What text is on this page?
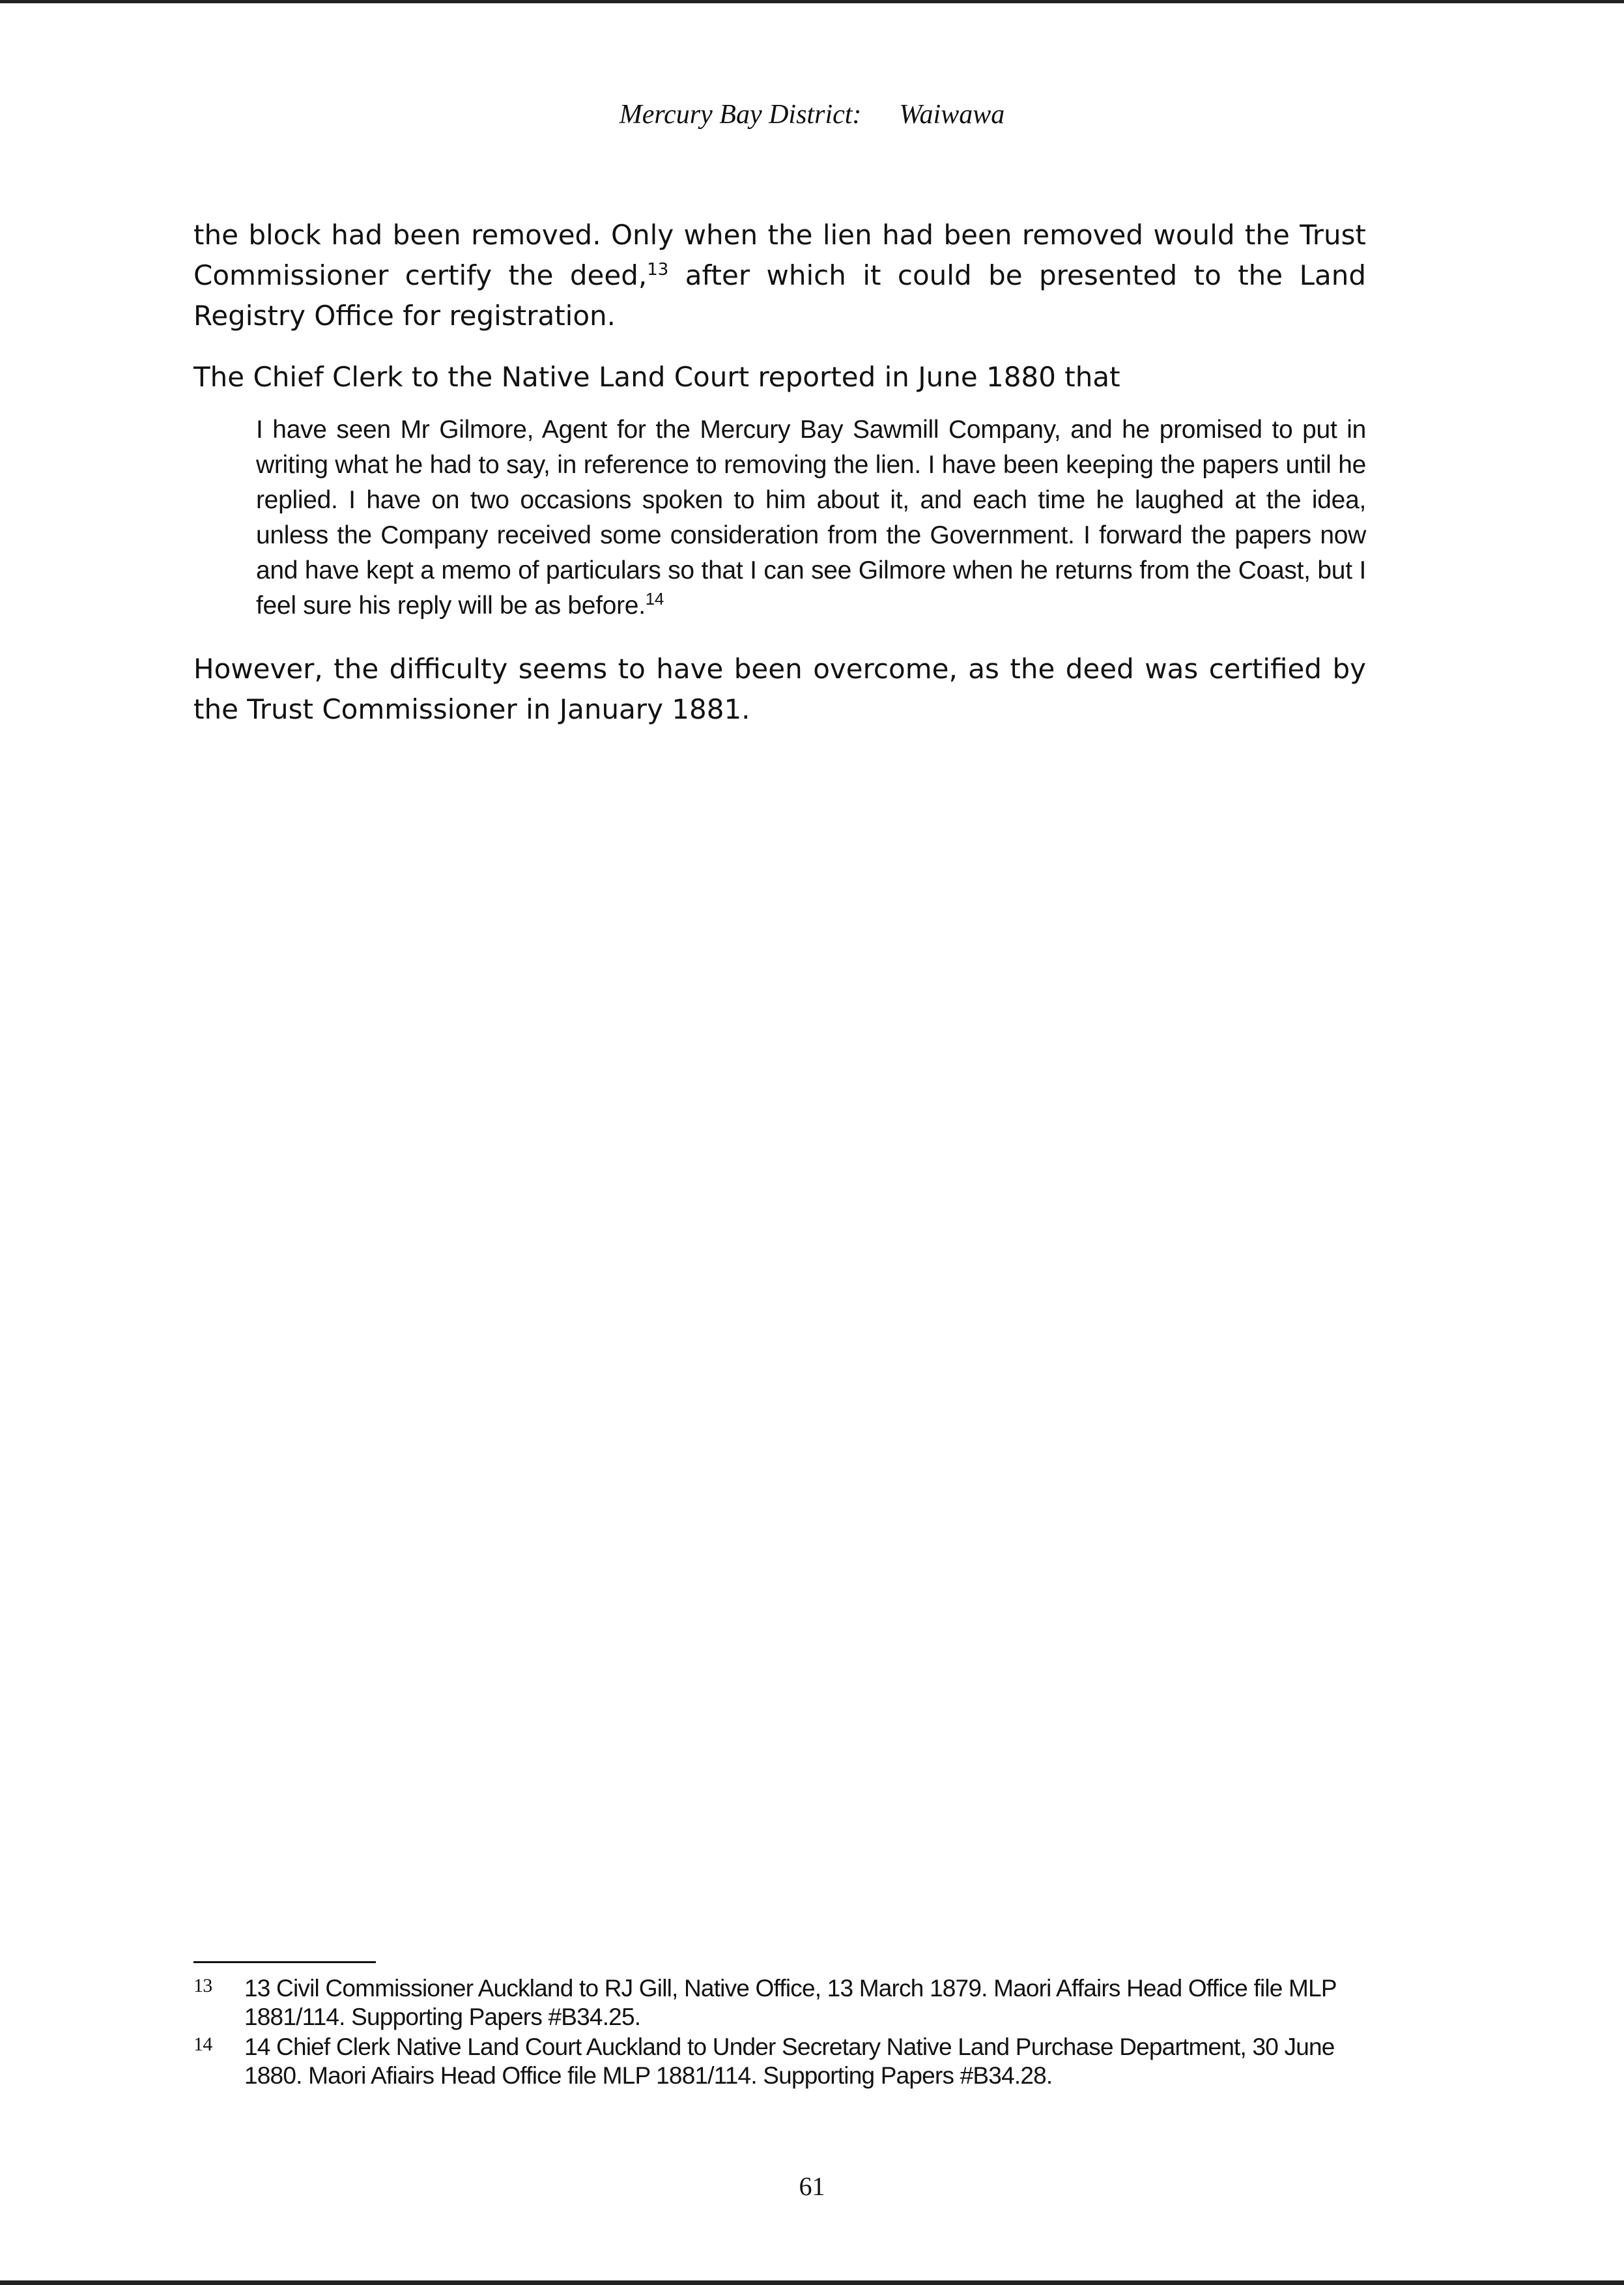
Mercury Bay District: Waiwawa

the block had been removed. Only when the lien had been removed would the Trust Commissioner certify the deed,$^{13}$ after which it could be presented to the Land Registry Office for registration.

The Chief Clerk to the Native Land Court reported in June 1880 that

I have seen Mr Gilmore, Agent for the Mercury Bay Sawmill Company, and he promised to put in writing what he had to say, in reference to removing the lien. I have been keeping the papers until he replied. I have on two occasions spoken to him about it, and each time he laughed at the idea, unless the Company received some consideration from the Government. I forward the papers now and have kept a memo of particulars so that I can see Gilmore when he returns from the Coast, but I feel sure his reply will be as before.$^{14}$

However, the difficulty seems to have been overcome, as the deed was certified by the Trust Commissioner in January 1881.

13 13 Civil Commissioner Auckland to RJ Gill, Native Office, 13 March 1879. Maori Affairs Head Office file MLP 1881/114. Supporting Papers #B34.25.
14 14 Chief Clerk Native Land Court Auckland to Under Secretary Native Land Purchase Department, 30 June 1880. Maori Afiairs Head Office file MLP 1881/114. Supporting Papers #B34.28.
61
